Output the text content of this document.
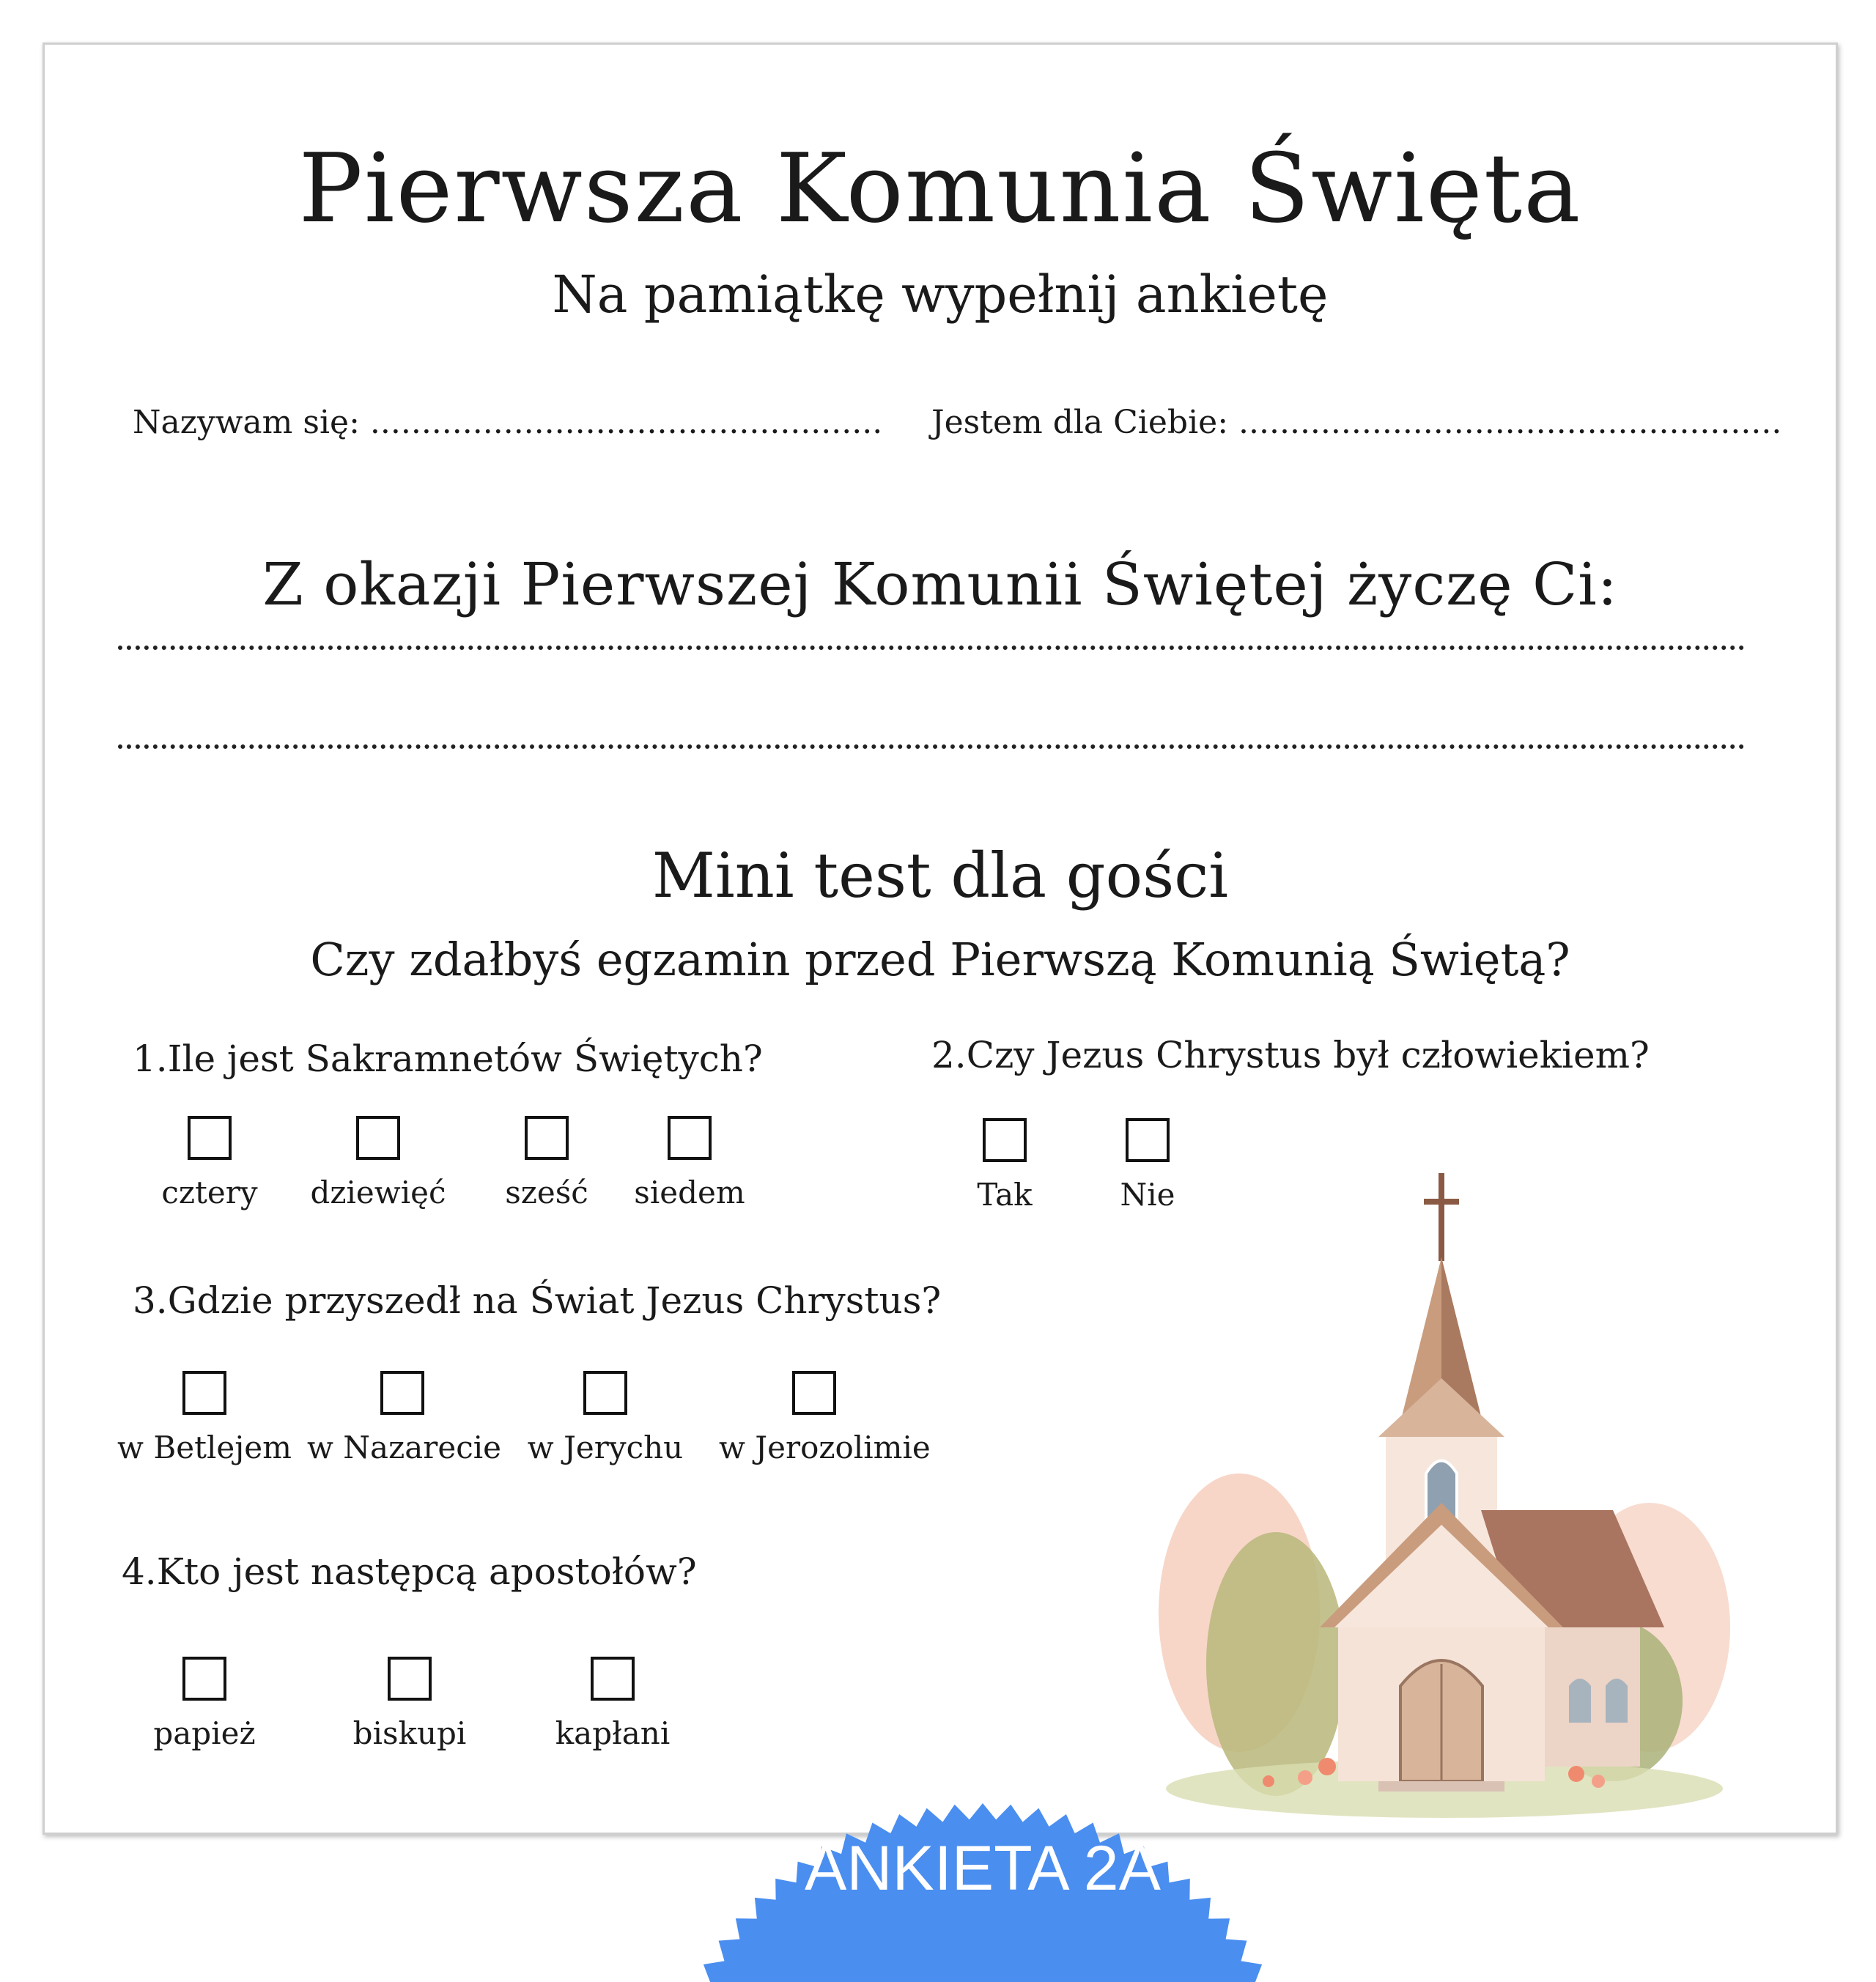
Pierwsza Komunia Święta
Na pamiątkę wypełnij ankietę
Nazywam się: .................................................. Jestem dla Ciebie: .....................................................
Z okazji Pierwszej Komunii Świętej życzę Ci:
Mini test dla gości
Czy zdałbyś egzamin przed Pierwszą Komunią Świętą?
1.Ile jest Sakramnetów Świętych?
cztery	dziewięć	sześć	siedem
2.Czy Jezus Chrystus był człowiekiem?
Tak	Nie
3.Gdzie przyszedł na Świat Jezus Chrystus?
w Betlejem w Nazarecie w Jerychu	w Jerozolimie
4.Kto jest następcą apostołów?
papież	biskupi	kapłani
ANKIETA 2A
